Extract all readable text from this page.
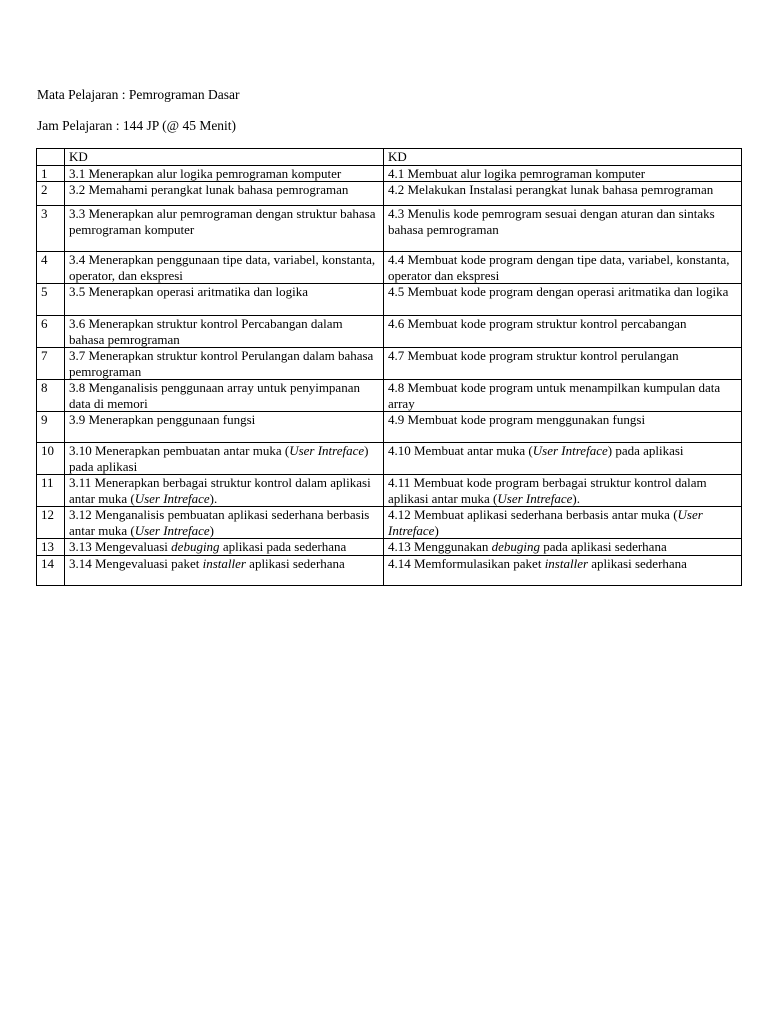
Mata Pelajaran : Pemrograman Dasar
Jam Pelajaran : 144 JP (@ 45 Menit)
	KD	KD
1	3.1 Menerapkan alur logika pemrograman komputer	4.1 Membuat alur logika pemrograman komputer
2	3.2 Memahami perangkat lunak bahasa pemrograman	4.2 Melakukan Instalasi perangkat lunak bahasa pemrograman
3	3.3 Menerapkan alur pemrograman dengan struktur bahasa pemrograman komputer	4.3 Menulis kode pemrogram sesuai dengan aturan dan sintaks bahasa pemrograman
4	3.4 Menerapkan penggunaan tipe data, variabel, konstanta, operator, dan ekspresi	4.4 Membuat kode program dengan tipe data, variabel, konstanta, operator dan ekspresi
5	3.5 Menerapkan operasi aritmatika dan logika	4.5 Membuat kode program dengan operasi aritmatika dan logika
6	3.6 Menerapkan struktur kontrol Percabangan dalam bahasa pemrograman	4.6 Membuat kode program struktur kontrol percabangan
7	3.7 Menerapkan struktur kontrol Perulangan dalam bahasa pemrograman	4.7 Membuat kode program struktur kontrol perulangan
8	3.8 Menganalisis penggunaan array untuk penyimpanan data di memori	4.8 Membuat kode program untuk menampilkan kumpulan data array
9	3.9 Menerapkan penggunaan fungsi	4.9 Membuat kode program menggunakan fungsi
10	3.10 Menerapkan pembuatan antar muka (User Intreface) pada aplikasi	4.10 Membuat antar muka (User Intreface) pada aplikasi
11	3.11 Menerapkan berbagai struktur kontrol dalam aplikasi antar muka (User Intreface).	4.11 Membuat kode program berbagai struktur kontrol dalam aplikasi antar muka (User Intreface).
12	3.12 Menganalisis pembuatan aplikasi sederhana berbasis antar muka (User Intreface)	4.12 Membuat aplikasi sederhana berbasis antar muka (User Intreface)
13	3.13 Mengevaluasi debuging aplikasi pada sederhana	4.13 Menggunakan debuging pada aplikasi sederhana
14	3.14 Mengevaluasi paket installer aplikasi sederhana	4.14 Memformulasikan paket installer aplikasi sederhana
